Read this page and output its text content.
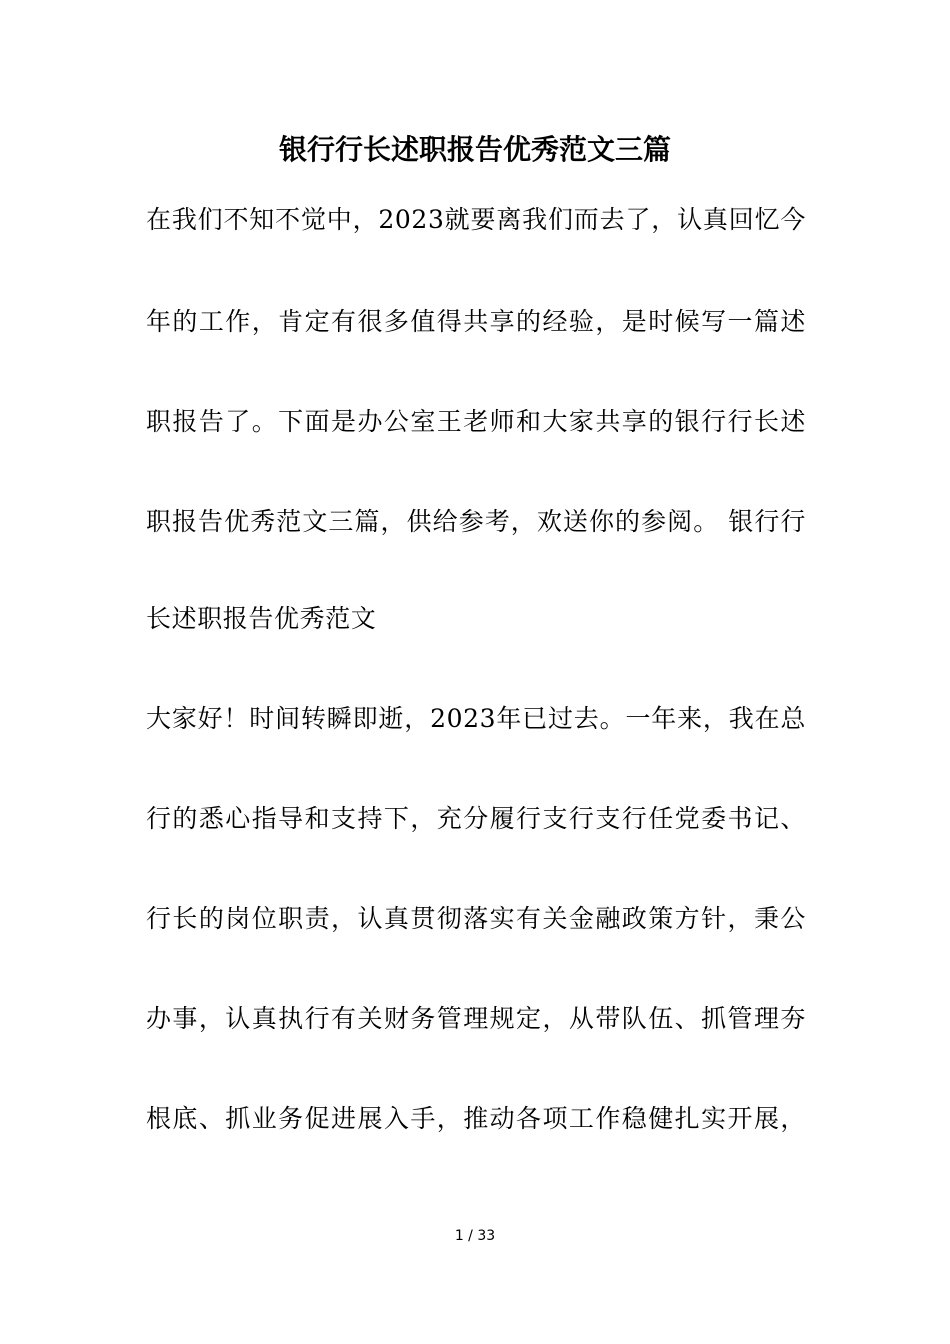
银行行长述职报告优秀范文三篇
在我们不知不觉中，2023就要离我们而去了，认真回忆今
年的工作，肯定有很多值得共享的经验，是时候写一篇述
职报告了。下面是办公室王老师和大家共享的银行行长述
职报告优秀范文三篇，供给参考，欢送你的参阅。 银行行
长述职报告优秀范文
大家好！时间转瞬即逝，2023年已过去。一年来，我在总
行的悉心指导和支持下，充分履行支行支行任党委书记、
行长的岗位职责，认真贯彻落实有关金融政策方针，秉公
办事，认真执行有关财务管理规定，从带队伍、抓管理夯
根底、抓业务促进展入手，推动各项工作稳健扎实开展，
1 / 33
